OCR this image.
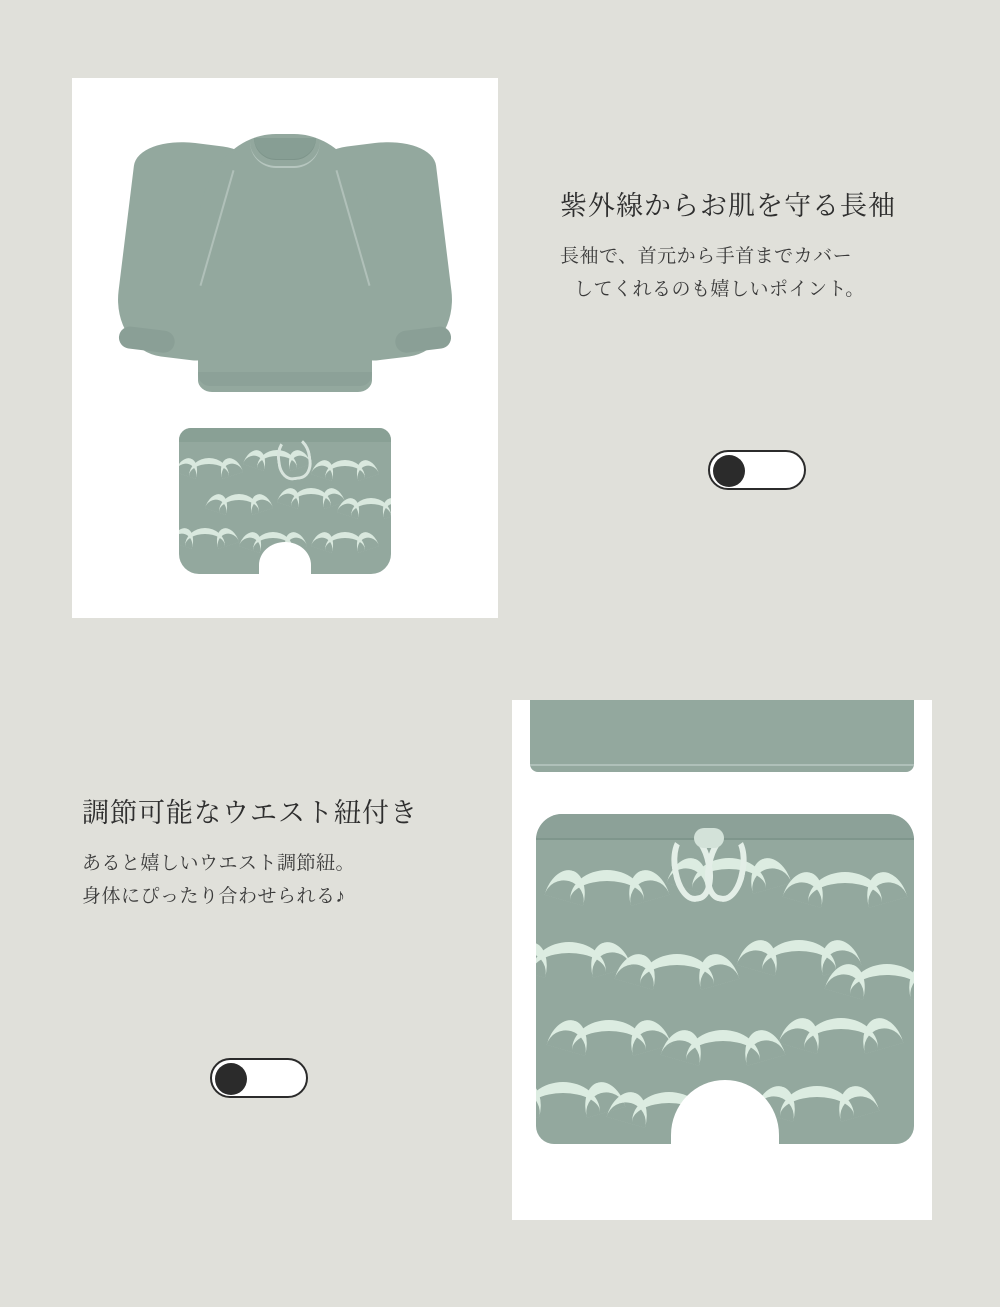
紫外線からお肌を守る長袖
長袖で、首元から手首までカバー
してくれるのも嬉しいポイント。
調節可能なウエスト紐付き
あると嬉しいウエスト調節紐。
身体にぴったり合わせられる♪
